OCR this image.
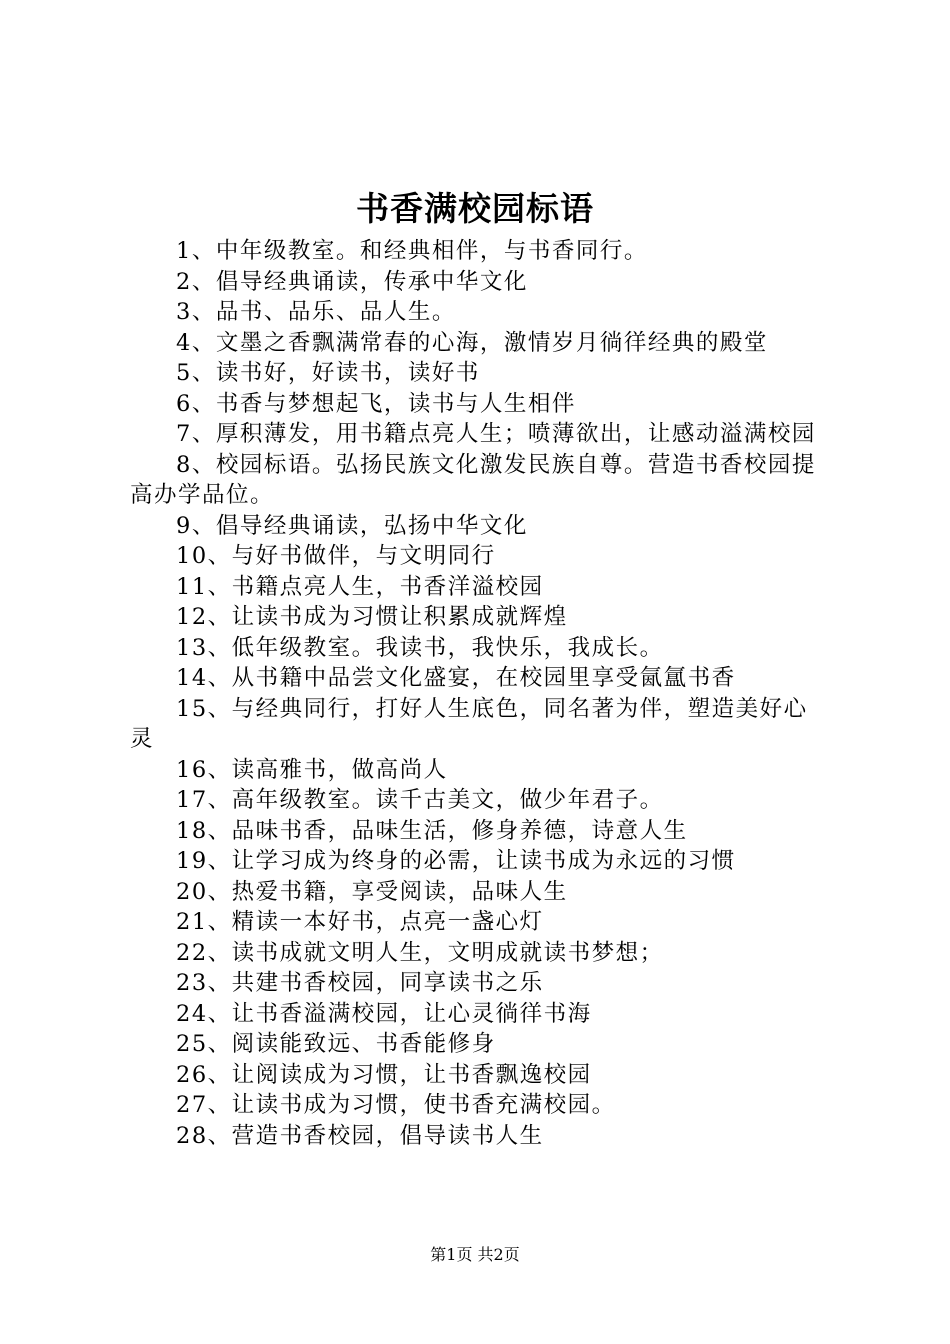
书香满校园标语

1、中年级教室。和经典相伴，与书香同行。

2、倡导经典诵读，传承中华文化

3、品书、品乐、品人生。

4、文墨之香飘满常春的心海，激情岁月徜徉经典的殿堂

5、读书好，好读书，读好书

6、书香与梦想起飞，读书与人生相伴

7、厚积薄发，用书籍点亮人生；喷薄欲出，让感动溢满校园

8、校园标语。弘扬民族文化激发民族自尊。营造书香校园提高办学品位。

9、倡导经典诵读，弘扬中华文化

10、与好书做伴，与文明同行

11、书籍点亮人生，书香洋溢校园

12、让读书成为习惯让积累成就辉煌

13、低年级教室。我读书，我快乐，我成长。

14、从书籍中品尝文化盛宴，在校园里享受氤氲书香

15、与经典同行，打好人生底色，同名著为伴，塑造美好心灵

16、读高雅书，做高尚人

17、高年级教室。读千古美文，做少年君子。

18、品味书香，品味生活，修身养德，诗意人生

19、让学习成为终身的必需，让读书成为永远的习惯

20、热爱书籍，享受阅读，品味人生

21、精读一本好书，点亮一盏心灯

22、读书成就文明人生，文明成就读书梦想；

23、共建书香校园，同享读书之乐

24、让书香溢满校园，让心灵徜徉书海

25、阅读能致远、书香能修身

26、让阅读成为习惯，让书香飘逸校园

27、让读书成为习惯，使书香充满校园。

28、营造书香校园，倡导读书人生

第1页 共2页
